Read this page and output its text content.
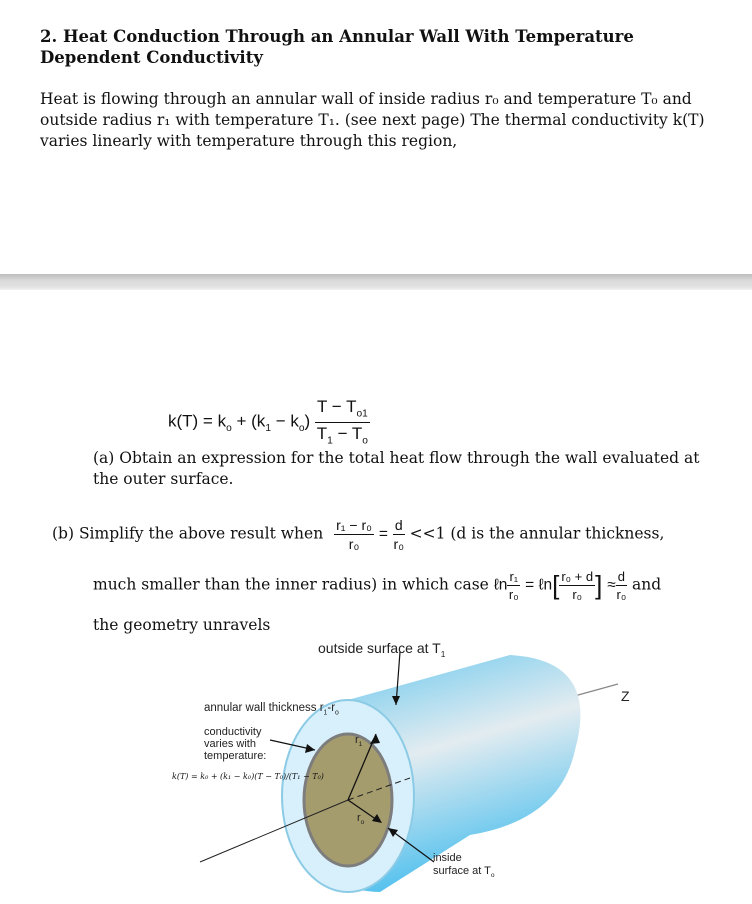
2. Heat Conduction Through an Annular Wall With Temperature Dependent Conductivity
Heat is flowing through an annular wall of inside radius r₀ and temperature T₀ and outside radius r₁ with temperature T₁. (see next page) The thermal conductivity k(T) varies linearly with temperature through this region,
$k(T) = k_o + (k_1 - k_o) \frac{T - T_{o1}}{T_1 - T_o}$
(a) Obtain an expression for the total heat flow through the wall evaluated at the outer surface.
(b) Simplify the above result when $\frac{\text{r₁ − r₀}}{\text{r₀}} = \frac{d}{\text{r₀}} <<1$ (d is the annular thickness,
much smaller than the inner radius) in which case ℓn $\frac{\text{r₁}}{\text{r₀}}$ = ℓn[ $\frac{\text{r₀ + d}}{\text{r₀}}$ ] ≈ $\frac{d}{\text{r₀}}$ and
the geometry unravels
outside surface at $T_1$
annular wall thickness $r_1-r_o$
conductivity
varies with
temperature:
k(T) = k₀ + (k₁ − k₀)(T − T₀)/(T₁ − T₀)
$r_1$
$r_o$
inside
surface at $T_o$
Z
